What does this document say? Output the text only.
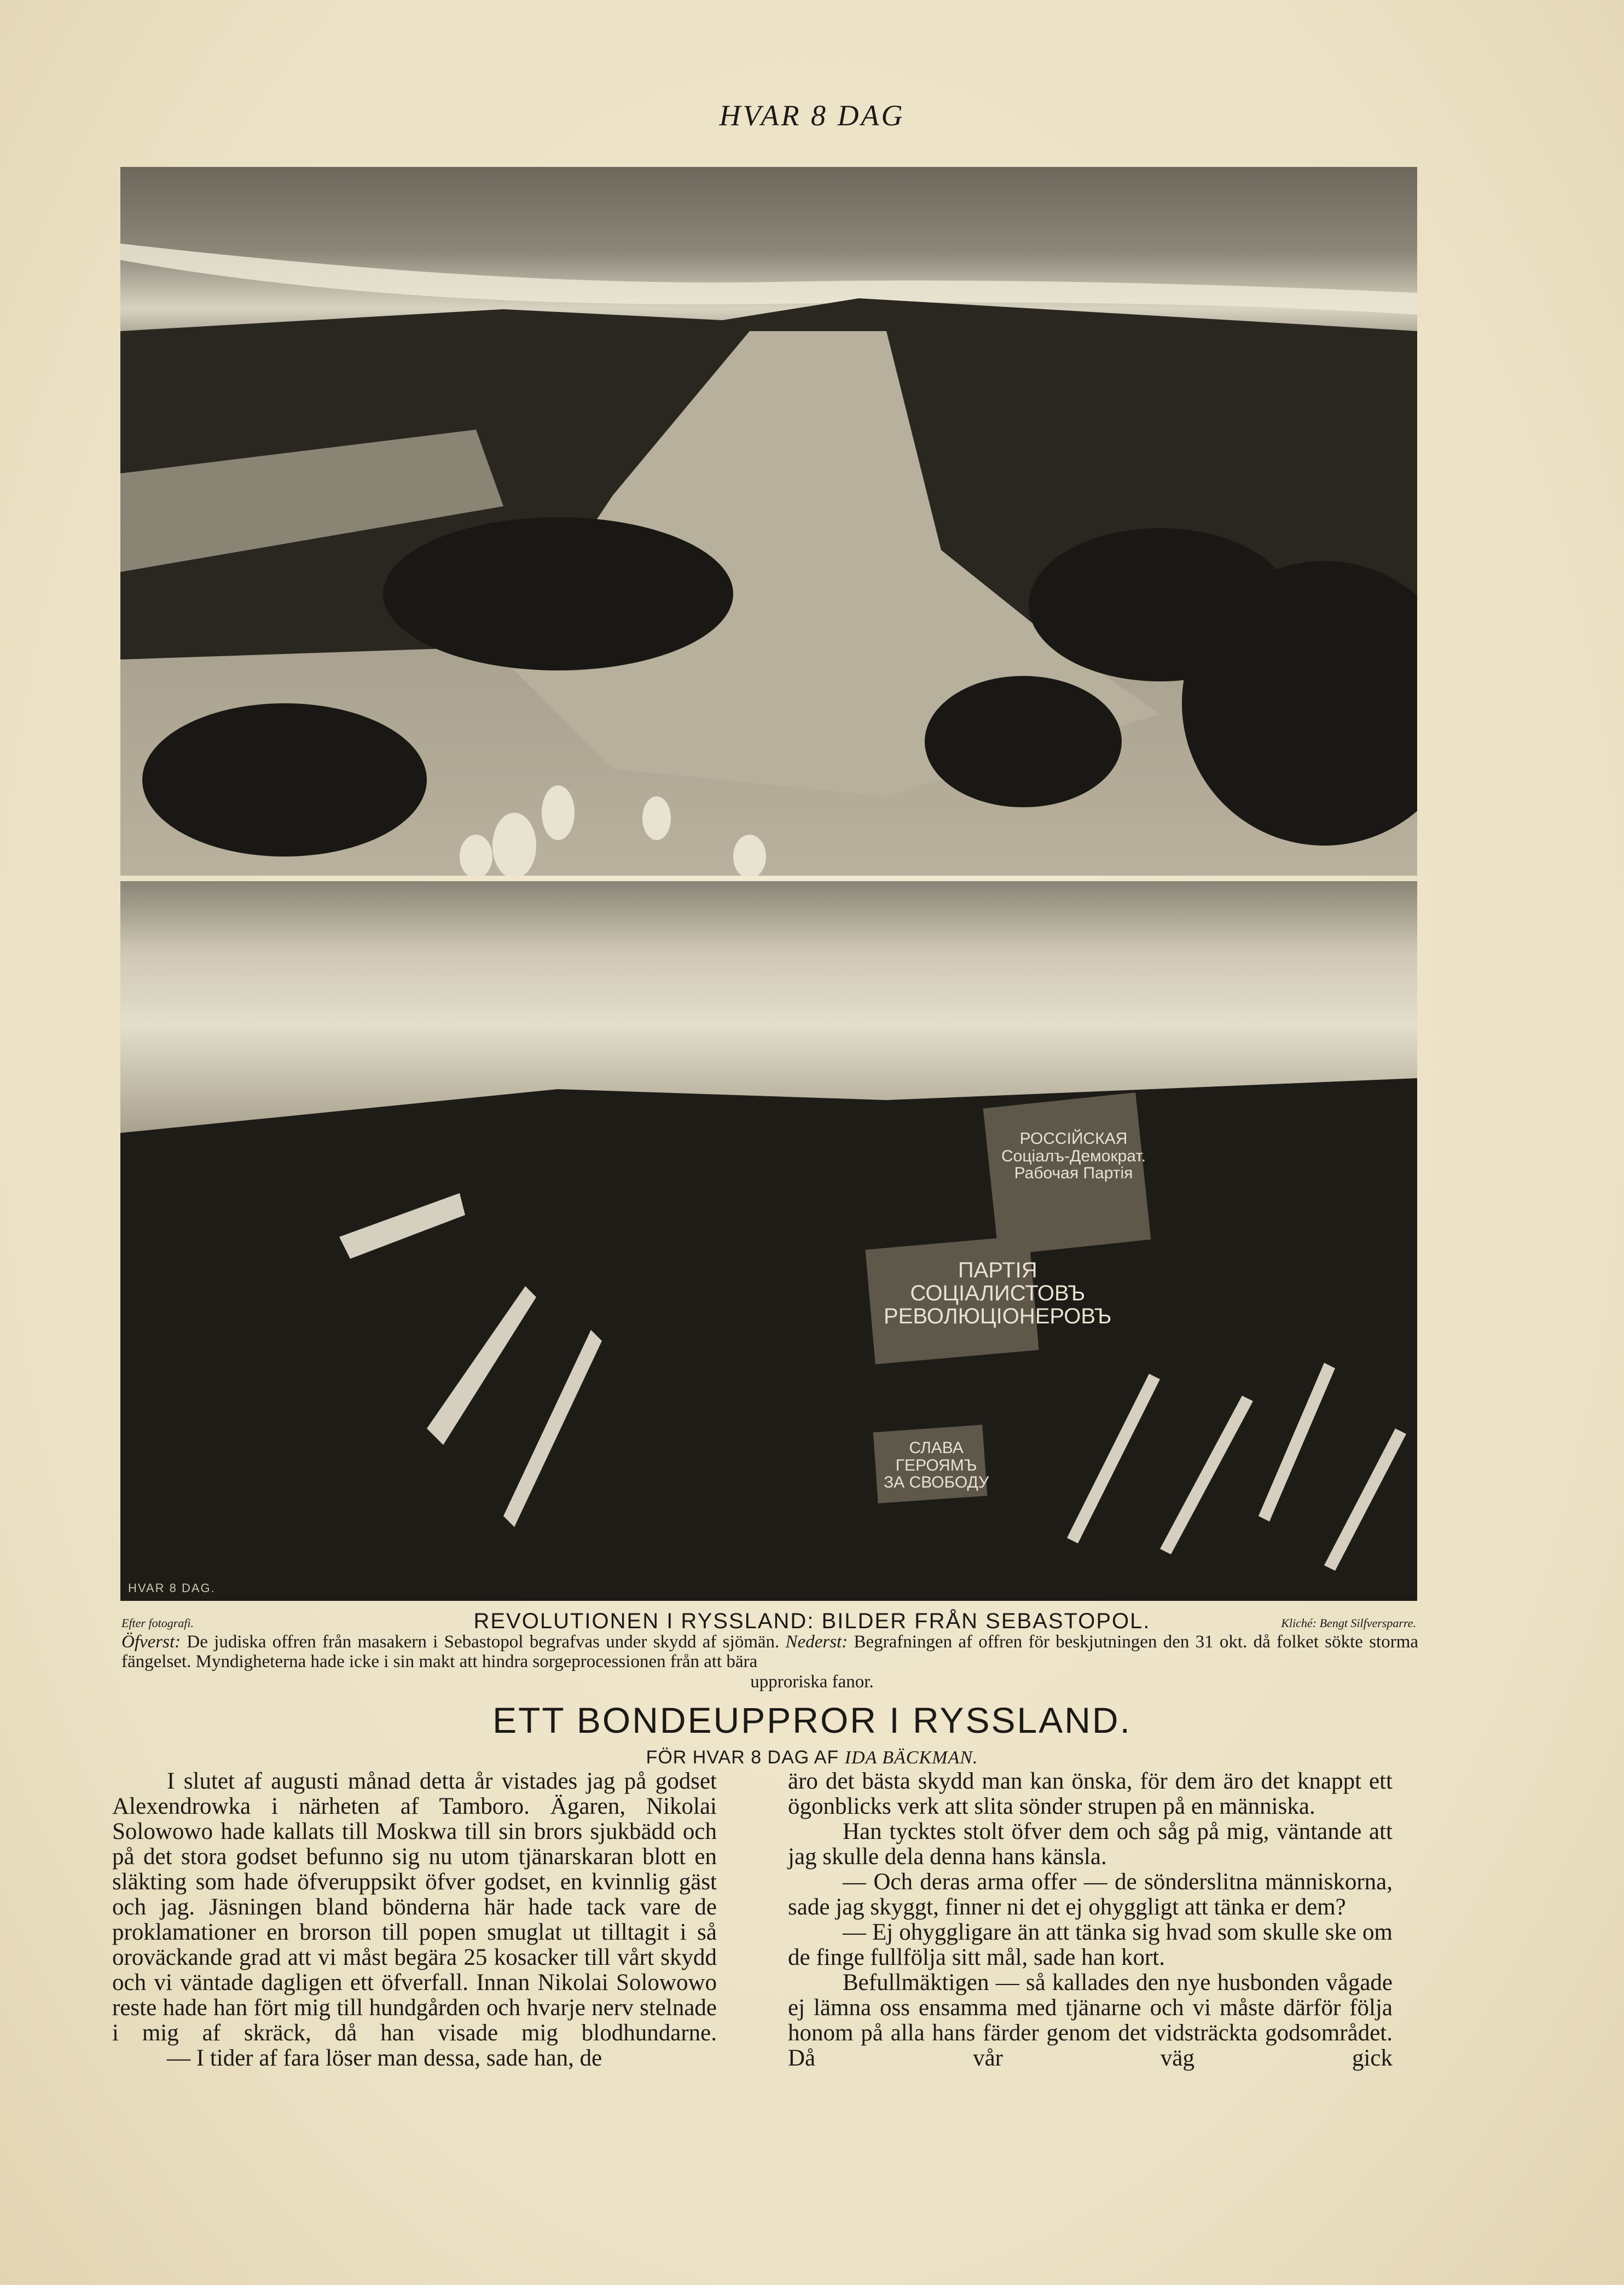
HVAR 8 DAG
HVAR 8 DAG.
РОССIЙСКАЯ
Соцiалъ-Демократ.
Рабочая Партiя
ПАРТIЯ
СОЦIАЛИСТОВЪ
РЕВОЛЮЦIОНЕРОВЪ
СЛАВА
ГЕРОЯМЪ
ЗА СВОБОДУ
Efter fotografi.	Kliché: Bengt Silfversparre.
REVOLUTIONEN I RYSSLAND: BILDER FRÅN SEBASTOPOL.
Öfverst: De judiska offren från masakern i Sebastopol begrafvas under skydd af sjömän. Nederst: Begrafningen af offren för beskjutningen den 31 okt. då folket sökte storma fängelset. Myndigheterna hade icke i sin makt att hindra sorgeprocessionen från att bära
upproriska fanor.
ETT BONDEUPPROR I RYSSLAND.
FÖR HVAR 8 DAG AF IDA BÄCKMAN.

I slutet af augusti månad detta år vistades jag på godset Alexendrowka i närheten af Tamboro. Ägaren, Nikolai Solowowo hade kallats till Moskwa till sin brors sjukbädd och på det stora godset befunno sig nu utom tjänarskaran blott en släkting som hade öfveruppsikt öfver godset, en kvinnlig gäst och jag. Jäsningen bland bönderna här hade tack vare de proklamationer en brorson till popen smuglat ut tilltagit i så oroväckande grad att vi måst begära 25 kosacker till vårt skydd och vi väntade dagligen ett öfverfall. Innan Nikolai Solowowo reste hade han fört mig till hundgården och hvarje nerv stelnade i mig af skräck, då han visade mig blodhundarne.

— I tider af fara löser man dessa, sade han, de

äro det bästa skydd man kan önska, för dem äro det knappt ett ögonblicks verk att slita sönder strupen på en människa.

Han tycktes stolt öfver dem och såg på mig, väntande att jag skulle dela denna hans känsla.

— Och deras arma offer — de sönderslitna människorna, sade jag skyggt, finner ni det ej ohyggligt att tänka er dem?

— Ej ohyggligare än att tänka sig hvad som skulle ske om de finge fullfölja sitt mål, sade han kort.

Befullmäktigen — så kallades den nye husbonden vågade ej lämna oss ensamma med tjänarne och vi måste därför följa honom på alla hans färder genom det vidsträckta godsområdet. Då vår väg gick
